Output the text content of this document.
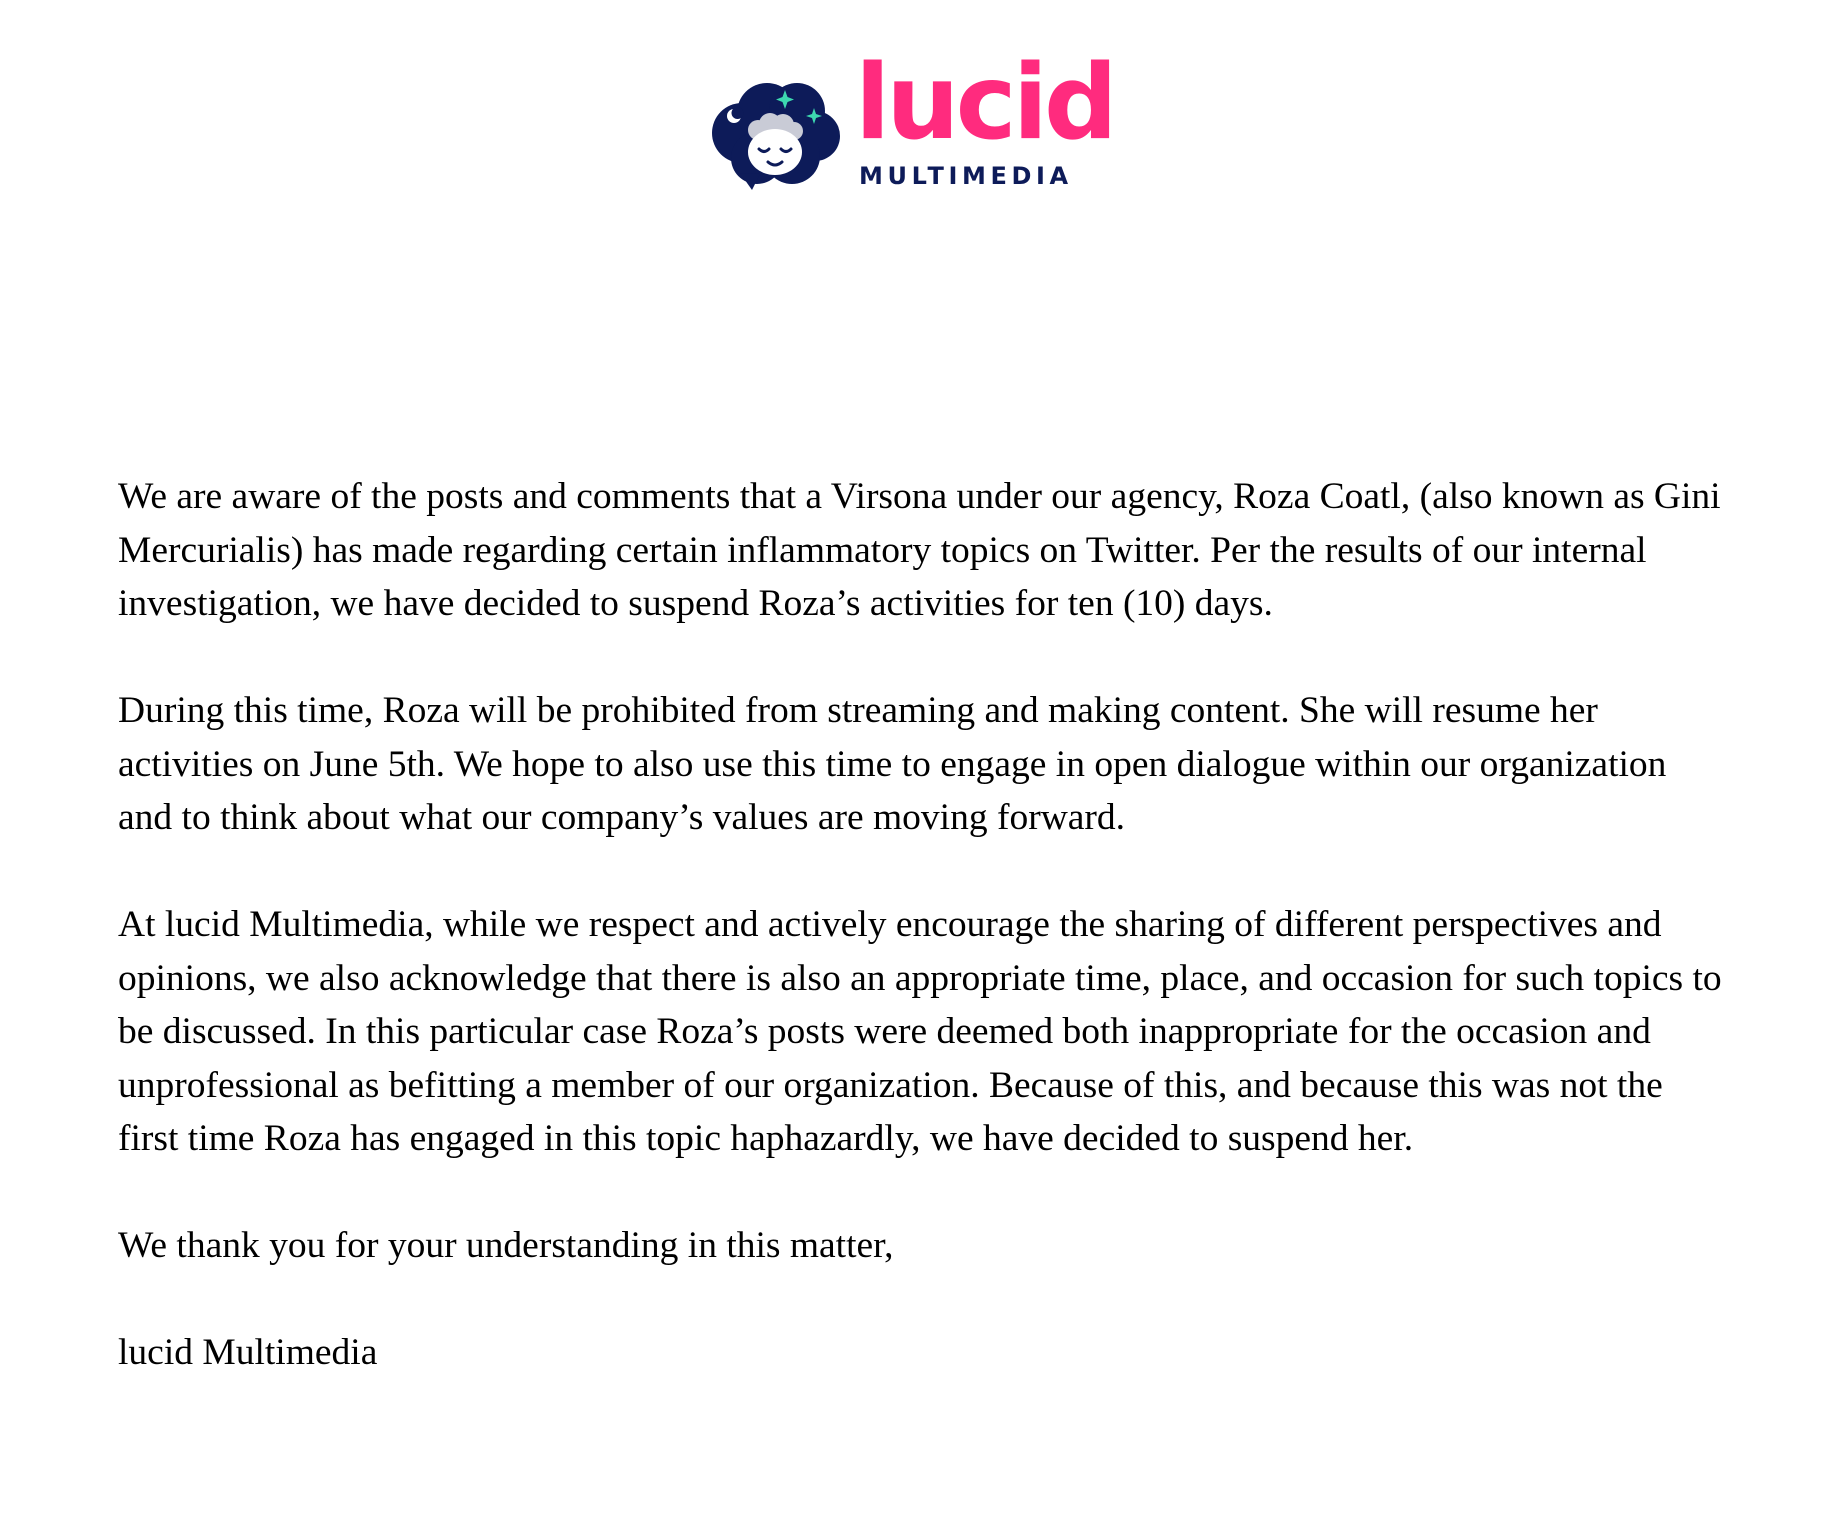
lucid
MULTIMEDIA

We are aware of the posts and comments that a Virsona under our agency, Roza Coatl, (also known as Gini Mercurialis) has made regarding certain inflammatory topics on Twitter. Per the results of our internal investigation, we have decided to suspend Roza’s activities for ten (10) days.

During this time, Roza will be prohibited from streaming and making content. She will resume her activities on June 5th. We hope to also use this time to engage in open dialogue within our organization and to think about what our company’s values are moving forward.

At lucid Multimedia, while we respect and actively encourage the sharing of different perspectives and opinions, we also acknowledge that there is also an appropriate time, place, and occasion for such topics to be discussed. In this particular case Roza’s posts were deemed both inappropriate for the occasion and unprofessional as befitting a member of our organization. Because of this, and because this was not the first time Roza has engaged in this topic haphazardly, we have decided to suspend her.

We thank you for your understanding in this matter,

lucid Multimedia
